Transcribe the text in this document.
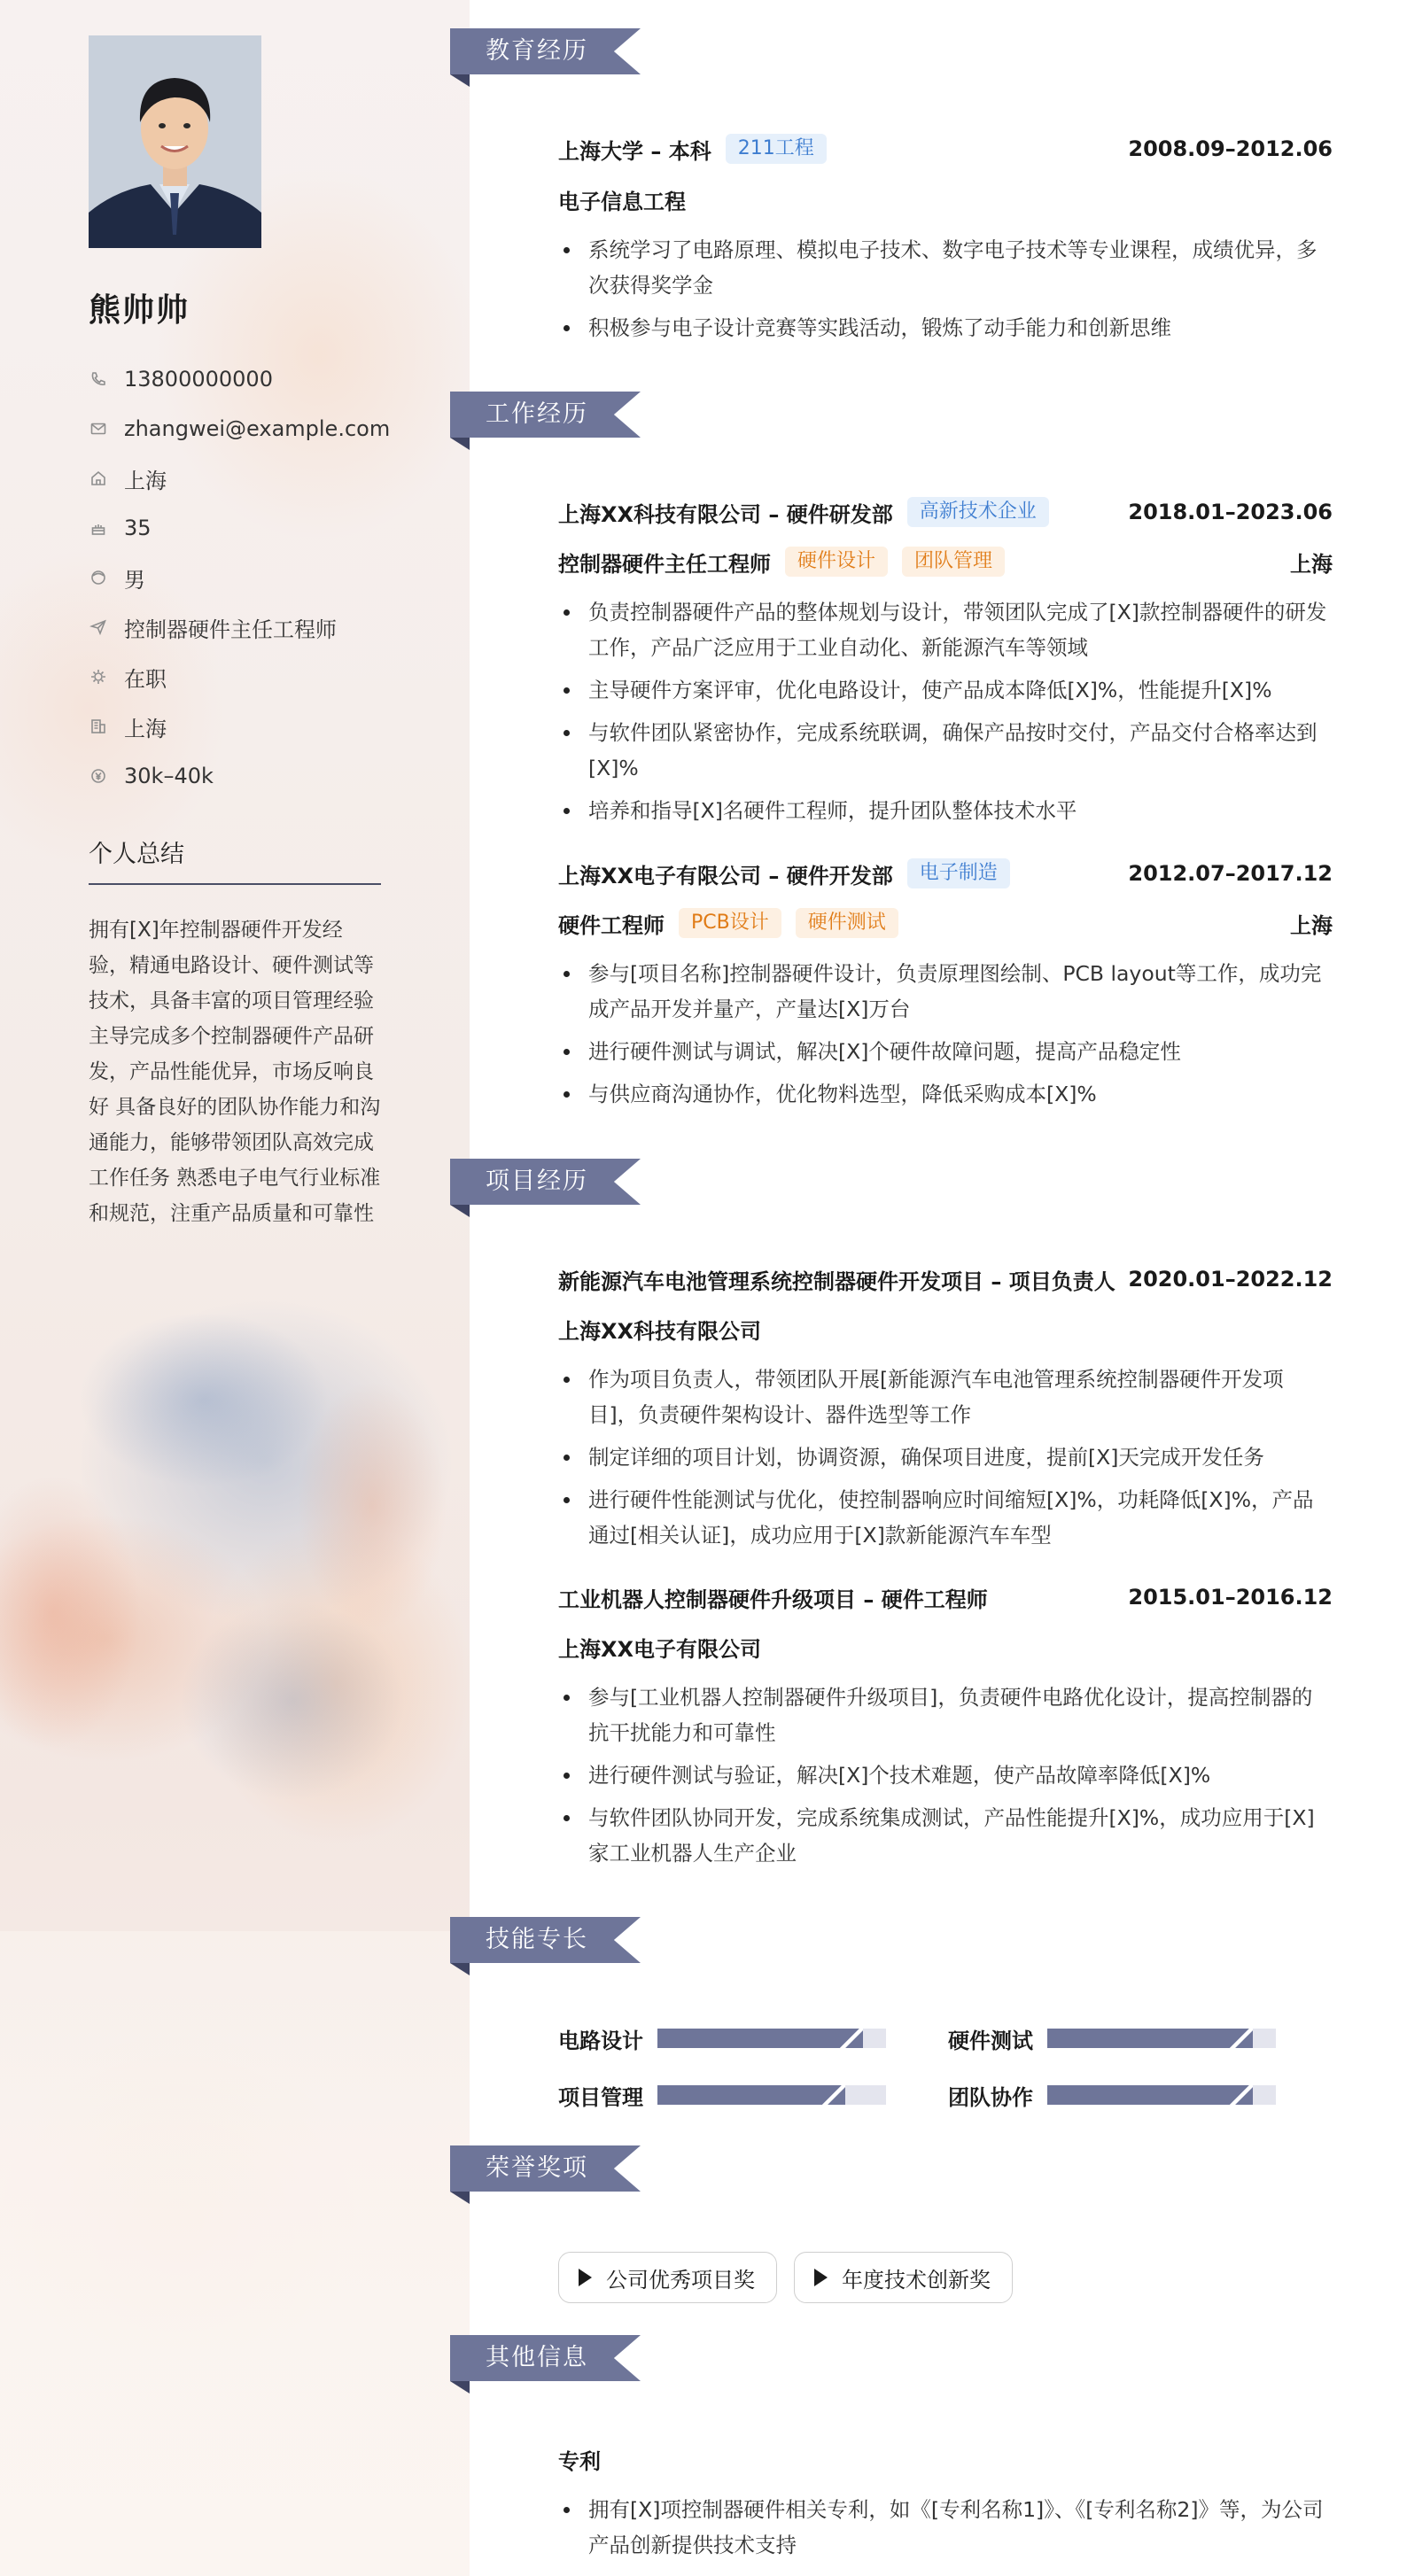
熊帅帅
13800000000
zhangwei@example.com
上海
35
男
控制器硬件主任工程师
在职
上海
30k–40k
个人总结
拥有[X]年控制器硬件开发经验，精通电路设计、硬件测试等技术，具备丰富的项目管理经验 主导完成多个控制器硬件产品研发，产品性能优异，市场反响良好 具备良好的团队协作能力和沟通能力，能够带领团队高效完成工作任务 熟悉电子电气行业标准和规范，注重产品质量和可靠性
教育经历
上海大学 – 本科	211工程	2008.09–2012.06
电子信息工程
系统学习了电路原理、模拟电子技术、数字电子技术等专业课程，成绩优异，多次获得奖学金
积极参与电子设计竞赛等实践活动，锻炼了动手能力和创新思维
工作经历
上海XX科技有限公司 – 硬件研发部	高新技术企业	2018.01–2023.06
控制器硬件主任工程师	硬件设计	团队管理	上海
负责控制器硬件产品的整体规划与设计，带领团队完成了[X]款控制器硬件的研发工作，产品广泛应用于工业自动化、新能源汽车等领域
主导硬件方案评审，优化电路设计，使产品成本降低[X]%，性能提升[X]%
与软件团队紧密协作，完成系统联调，确保产品按时交付，产品交付合格率达到[X]%
培养和指导[X]名硬件工程师，提升团队整体技术水平
上海XX电子有限公司 – 硬件开发部	电子制造	2012.07–2017.12
硬件工程师	PCB设计	硬件测试	上海
参与[项目名称]控制器硬件设计，负责原理图绘制、PCB layout等工作，成功完成产品开发并量产，产量达[X]万台
进行硬件测试与调试，解决[X]个硬件故障问题，提高产品稳定性
与供应商沟通协作，优化物料选型，降低采购成本[X]%
项目经历
新能源汽车电池管理系统控制器硬件开发项目 – 项目负责人 2020.01–2022.12
上海XX科技有限公司
作为项目负责人，带领团队开展[新能源汽车电池管理系统控制器硬件开发项目]，负责硬件架构设计、器件选型等工作
制定详细的项目计划，协调资源，确保项目进度，提前[X]天完成开发任务
进行硬件性能测试与优化，使控制器响应时间缩短[X]%，功耗降低[X]%，产品通过[相关认证]，成功应用于[X]款新能源汽车车型
工业机器人控制器硬件升级项目 – 硬件工程师	2015.01–2016.12
上海XX电子有限公司
参与[工业机器人控制器硬件升级项目]，负责硬件电路优化设计，提高控制器的抗干扰能力和可靠性
进行硬件测试与验证，解决[X]个技术难题，使产品故障率降低[X]%
与软件团队协同开发，完成系统集成测试，产品性能提升[X]%，成功应用于[X]家工业机器人生产企业
技能专长
电路设计	硬件测试
项目管理	团队协作
荣誉奖项
公司优秀项目奖	年度技术创新奖
其他信息
专利
拥有[X]项控制器硬件相关专利，如《[专利名称1]》、《[专利名称2]》等，为公司产品创新提供技术支持
